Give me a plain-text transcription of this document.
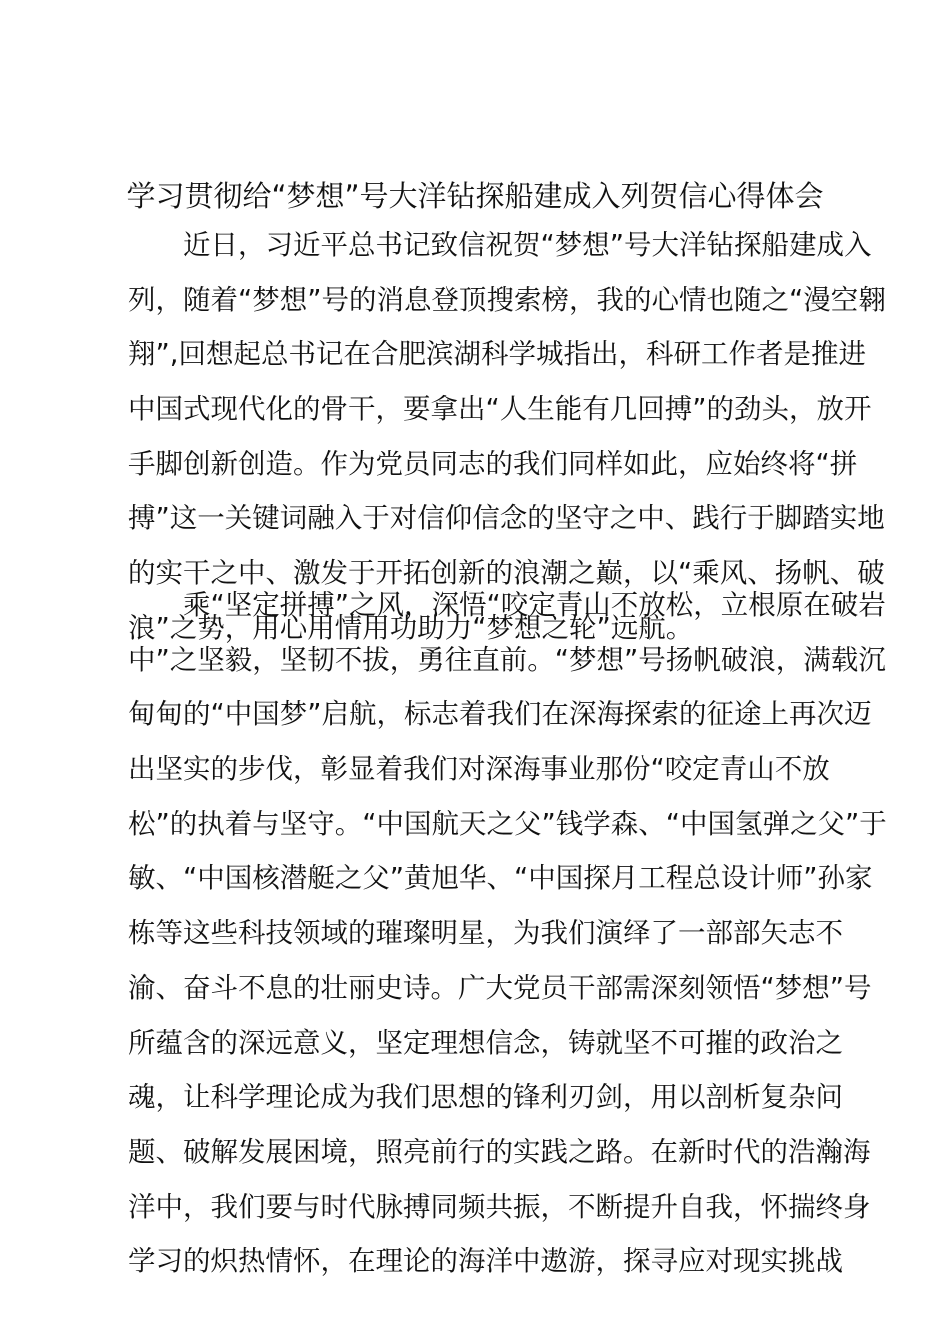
学习贯彻给“梦想”号大洋钻探船建成入列贺信心得体会
近日，习近平总书记致信祝贺“梦想”号大洋钻探船建成入
列，随着“梦想”号的消息登顶搜索榜，我的心情也随之“漫空翱
翔”,回想起总书记在合肥滨湖科学城指出，科研工作者是推进
中国式现代化的骨干，要拿出“人生能有几回搏”的劲头，放开
手脚创新创造。作为党员同志的我们同样如此，应始终将“拼
搏”这一关键词融入于对信仰信念的坚守之中、践行于脚踏实地
的实干之中、激发于开拓创新的浪潮之巅，以“乘风、扬帆、破
浪”之势，用心用情用功助力“梦想之轮”远航。
乘“坚定拼搏”之风，深悟“咬定青山不放松，立根原在破岩
中”之坚毅，坚韧不拔，勇往直前。“梦想”号扬帆破浪，满载沉
甸甸的“中国梦”启航，标志着我们在深海探索的征途上再次迈
出坚实的步伐，彰显着我们对深海事业那份“咬定青山不放
松”的执着与坚守。“中国航天之父”钱学森、“中国氢弹之父”于
敏、“中国核潜艇之父”黄旭华、“中国探月工程总设计师”孙家
栋等这些科技领域的璀璨明星，为我们演绎了一部部矢志不
渝、奋斗不息的壮丽史诗。广大党员干部需深刻领悟“梦想”号
所蕴含的深远意义，坚定理想信念，铸就坚不可摧的政治之
魂，让科学理论成为我们思想的锋利刃剑，用以剖析复杂问
题、破解发展困境，照亮前行的实践之路。在新时代的浩瀚海
洋中，我们要与时代脉搏同频共振，不断提升自我，怀揣终身
学习的炽热情怀，在理论的海洋中遨游，探寻应对现实挑战
